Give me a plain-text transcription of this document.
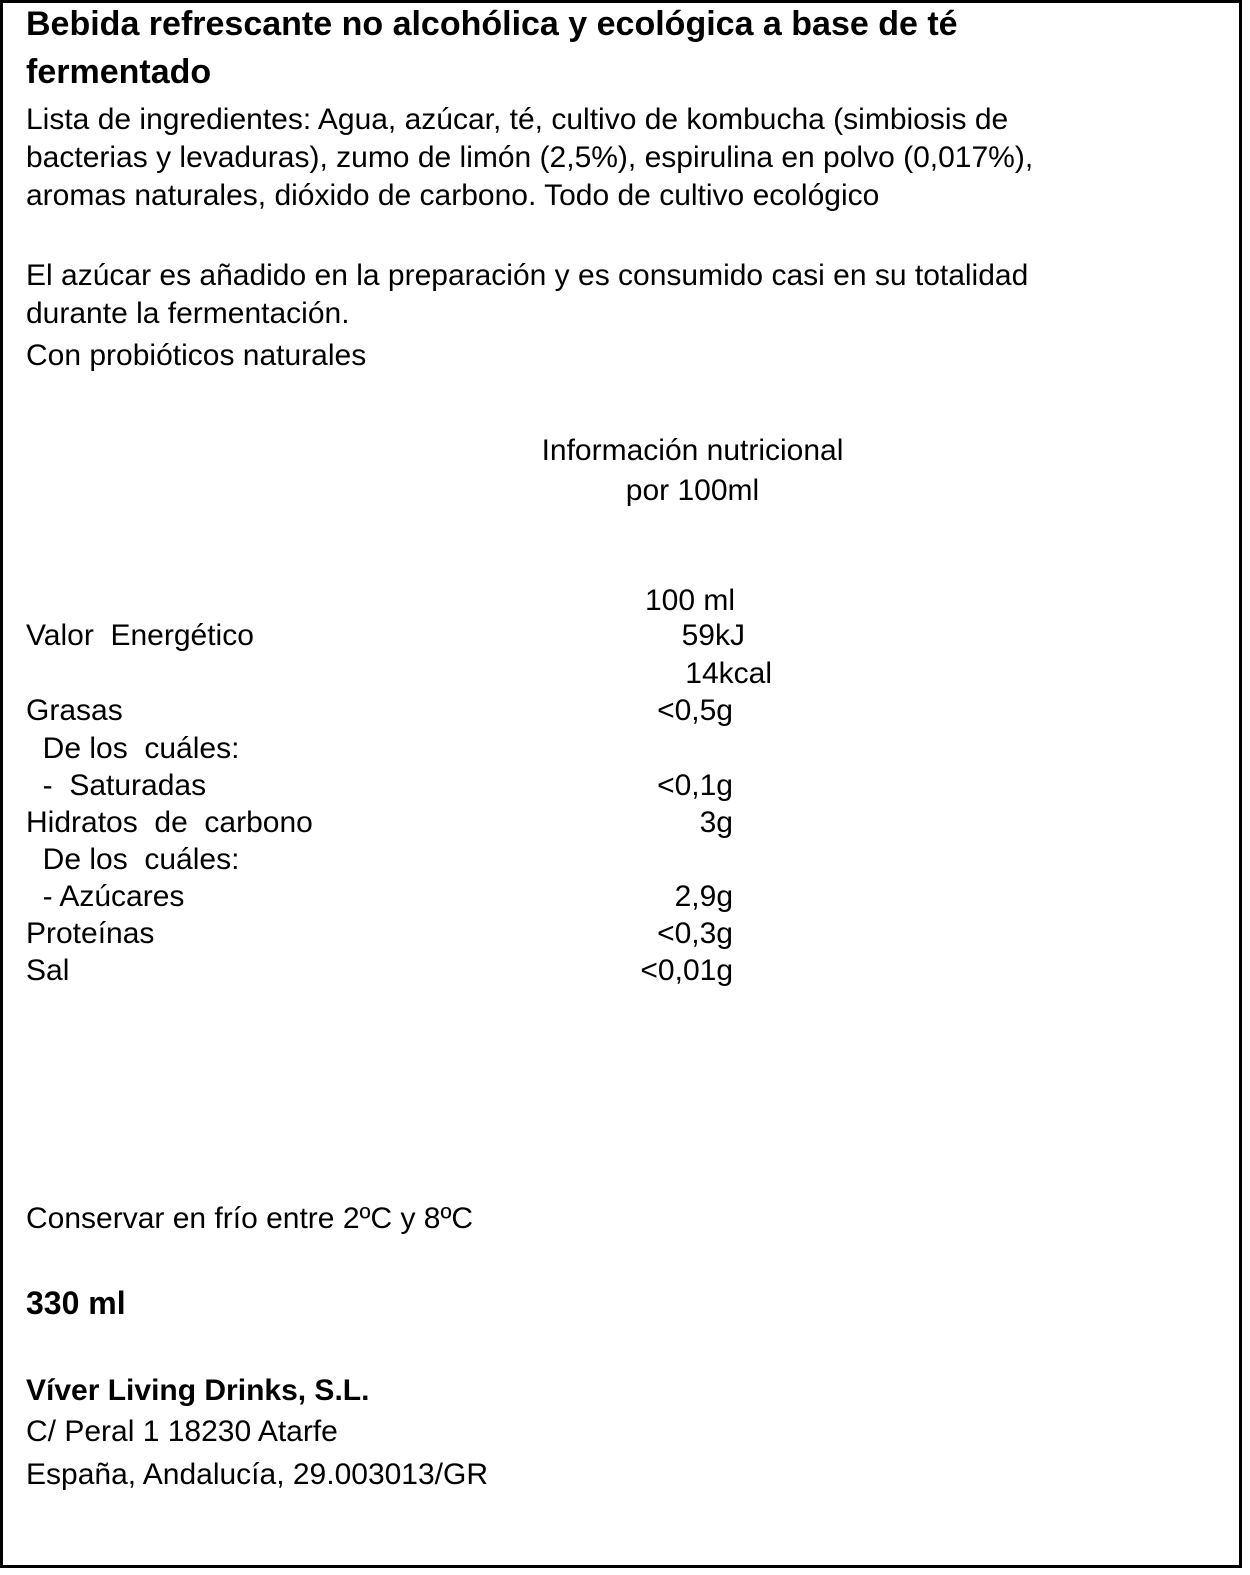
Bebida refrescante no alcohólica y ecológica a base de té
fermentado
Lista de ingredientes: Agua, azúcar, té, cultivo de kombucha (simbiosis de
bacterias y levaduras), zumo de limón (2,5%), espirulina en polvo (0,017%),
aromas naturales, dióxido de carbono. Todo de cultivo ecológico
El azúcar es añadido en la preparación y es consumido casi en su totalidad
durante la fermentación.
Con probióticos naturales
Información nutricional
por 100ml
100 ml
Valor  Energético	59kJ
14kcal
Grasas	<0,5g
De los  cuáles:
-  Saturadas	<0,1g
Hidratos  de  carbono	3g
De los  cuáles:
- Azúcares	2,9g
Proteínas	<0,3g
Sal	<0,01g
Conservar en frío entre 2ºC y 8ºC
330 ml
Víver Living Drinks, S.L.
C/ Peral 1 18230 Atarfe
España, Andalucía, 29.003013/GR
